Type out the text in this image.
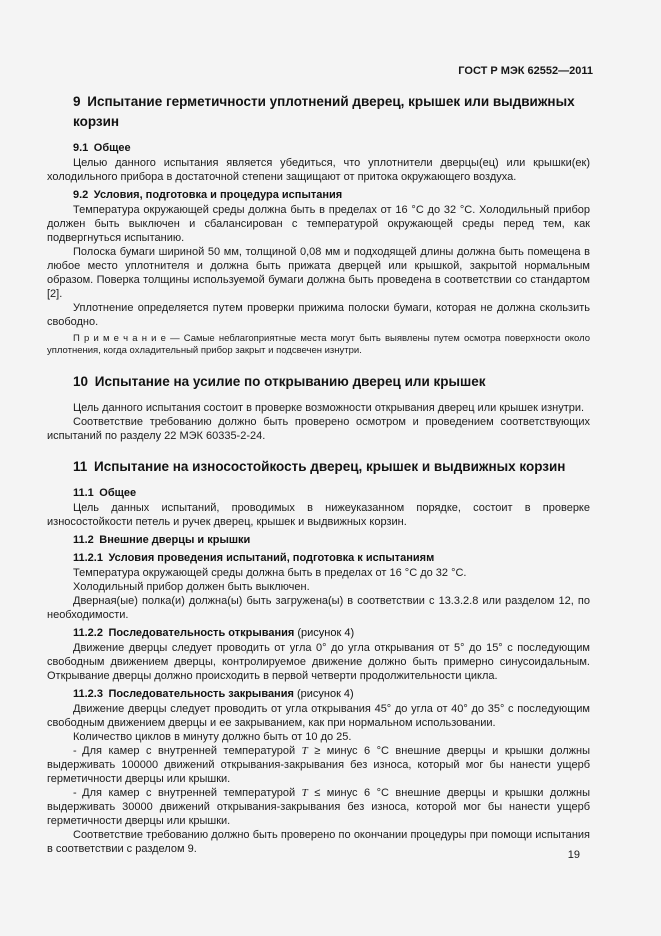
ГОСТ Р МЭК 62552—2011
9 Испытание герметичности уплотнений дверец, крышек или выдвижных корзин
9.1 Общее

Целью данного испытания является убедиться, что уплотнители дверцы(ец) или крышки(ек) холодильного прибора в достаточной степени защищают от притока окружающего воздуха.

9.2 Условия, подготовка и процедура испытания

Температура окружающей среды должна быть в пределах от 16 °С до 32 °С. Холодильный прибор должен быть выключен и сбалансирован с температурой окружающей среды перед тем, как подвергнуться испытанию.

Полоска бумаги шириной 50 мм, толщиной 0,08 мм и подходящей длины должна быть помещена в любое место уплотнителя и должна быть прижата дверцей или крышкой, закрытой нормальным образом. Поверка толщины используемой бумаги должна быть проведена в соответствии со стандартом [2].

Уплотнение определяется путем проверки прижима полоски бумаги, которая не должна скользить свободно.

П р и м е ч а н и е — Самые неблагоприятные места могут быть выявлены путем осмотра поверхности около уплотнения, когда охладительный прибор закрыт и подсвечен изнутри.

10 Испытание на усилие по открыванию дверец или крышек

Цель данного испытания состоит в проверке возможности открывания дверец или крышек изнутри.

Соответствие требованию должно быть проверено осмотром и проведением соответствующих испытаний по разделу 22 МЭК 60335-2-24.

11 Испытание на износостойкость дверец, крышек и выдвижных корзин
11.1 Общее

Цель данных испытаний, проводимых в нижеуказанном порядке, состоит в проверке износостойкости петель и ручек дверец, крышек и выдвижных корзин.

11.2 Внешние дверцы и крышки
11.2.1 Условия проведения испытаний, подготовка к испытаниям

Температура окружающей среды должна быть в пределах от 16 °С до 32 °С.

Холодильный прибор должен быть выключен.

Дверная(ые) полка(и) должна(ы) быть загружена(ы) в соответствии с 13.3.2.8 или разделом 12, по необходимости.

11.2.2 Последовательность открывания (рисунок 4)

Движение дверцы следует проводить от угла 0° до угла открывания от 5° до 15° с последующим свободным движением дверцы, контролируемое движение должно быть примерно синусоидальным. Открывание дверцы должно происходить в первой четверти продолжительности цикла.

11.2.3 Последовательность закрывания (рисунок 4)

Движение дверцы следует проводить от угла открывания 45° до угла от 40° до 35° с последующим свободным движением дверцы и ее закрыванием, как при нормальном использовании.

Количество циклов в минуту должно быть от 10 до 25.

- Для камер с внутренней температурой T ≥ минус 6 °С внешние дверцы и крышки должны выдерживать 100000 движений открывания-закрывания без износа, который мог бы нанести ущерб герметичности дверцы или крышки.

- Для камер с внутренней температурой T ≤ минус 6 °С внешние дверцы и крышки должны выдерживать 30000 движений открывания-закрывания без износа, которой мог бы нанести ущерб герметичности дверцы или крышки.

Соответствие требованию должно быть проверено по окончании процедуры при помощи испытания в соответствии с разделом 9.

19
